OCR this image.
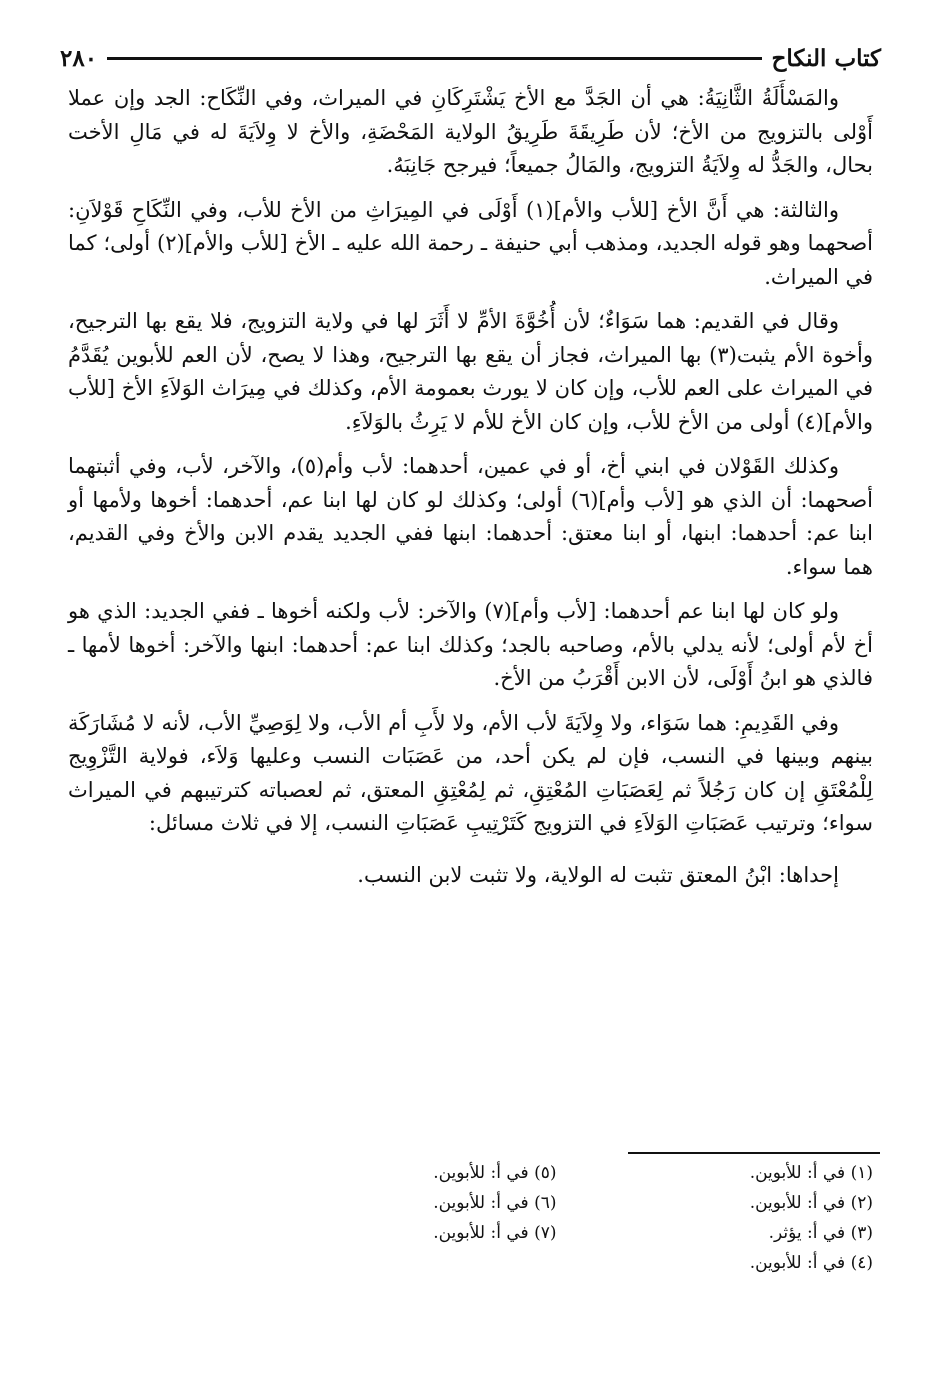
٢٨٠	كتاب النكاح

والمَسْأَلَةُ الثَّانِيَةُ: هي أن الجَدَّ مع الأخ يَشْتَرِكَانِ في الميراث، وفي النِّكَاح: الجد وإن عملا أَوْلى بالتزويج من الأخ؛ لأن طَرِيقَةَ طَرِيقُ الولاية المَحْضَةِ، والأخ لا وِلاَيَةَ له في مَالِ الأخت بحال، والجَدُّ له وِلاَيَةُ التزويج، والمَالُ جميعاً؛ فيرجح جَانِبَهُ.

والثالثة: هي أَنَّ الأخ [للأب والأم](١) أَوْلَى في المِيرَاثِ من الأخ للأب، وفي النِّكَاحِ قَوْلاَنِ: أصحهما وهو قوله الجديد، ومذهب أبي حنيفة ـ رحمة الله عليه ـ الأخ [للأب والأم](٢) أولى؛ كما في الميراث.

وقال في القديم: هما سَوَاءٌ؛ لأن أُخُوَّةَ الأمِّ لا أَثَرَ لها في ولاية التزويج، فلا يقع بها الترجيح، وأخوة الأم يثبت(٣) بها الميراث، فجاز أن يقع بها الترجيح، وهذا لا يصح، لأن العم للأبوين يُقَدَّمُ في الميراث على العم للأب، وإن كان لا يورث بعمومة الأم، وكذلك في مِيرَاث الوَلاَءِ الأخ [للأب والأم](٤) أولى من الأخ للأب، وإن كان الأخ للأم لا يَرِثُ بالوَلاَءِ.

وكذلك القَوْلان في ابني أخ، أو في عمين، أحدهما: لأب وأم(٥)، والآخر، لأب، وفي أثبتهما أصحهما: أن الذي هو [لأب وأم](٦) أولى؛ وكذلك لو كان لها ابنا عم، أحدهما: أخوها ولأمها أو ابنا عم: أحدهما: ابنها، أو ابنا معتق: أحدهما: ابنها ففي الجديد يقدم الابن والأخ وفي القديم، هما سواء.

ولو كان لها ابنا عم أحدهما: [لأب وأم](٧) والآخر: لأب ولكنه أخوها ـ ففي الجديد: الذي هو أخ لأم أولى؛ لأنه يدلي بالأم، وصاحبه بالجد؛ وكذلك ابنا عم: أحدهما: ابنها والآخر: أخوها لأمها ـ فالذي هو ابنُ أَوْلَى، لأن الابن أَقْرَبُ من الأخ.

وفي القَدِيمِ: هما سَوَاء، ولا وِلاَيَةَ لأب الأم، ولا لأَبِ أم الأب، ولا لِوَصِيِّ الأب، لأنه لا مُشَارَكَة بينهم وبينها في النسب، فإن لم يكن أحد، من عَصَبَات النسب وعليها وَلاَء، فولاية التَّزْوِيج لِلْمُعْتَقِ إن كان رَجُلاً ثم لِعَصَبَاتِ المُعْتِقِ، ثم لِمُعْتِقِ المعتق، ثم لعصباته كترتيبهم في الميراث سواء؛ وترتيب عَصَبَاتِ الوَلاَءِ في التزويج كَتَرْتِيبِ عَصَبَاتِ النسب، إلا في ثلاث مسائل:

إحداها: ابْنُ المعتق تثبت له الولاية، ولا تثبت لابن النسب.

(١) في أ: للأبوين.
(٢) في أ: للأبوين.
(٣) في أ: يؤثر.
(٤) في أ: للأبوين.
(٥) في أ: للأبوين.
(٦) في أ: للأبوين.
(٧) في أ: للأبوين.
